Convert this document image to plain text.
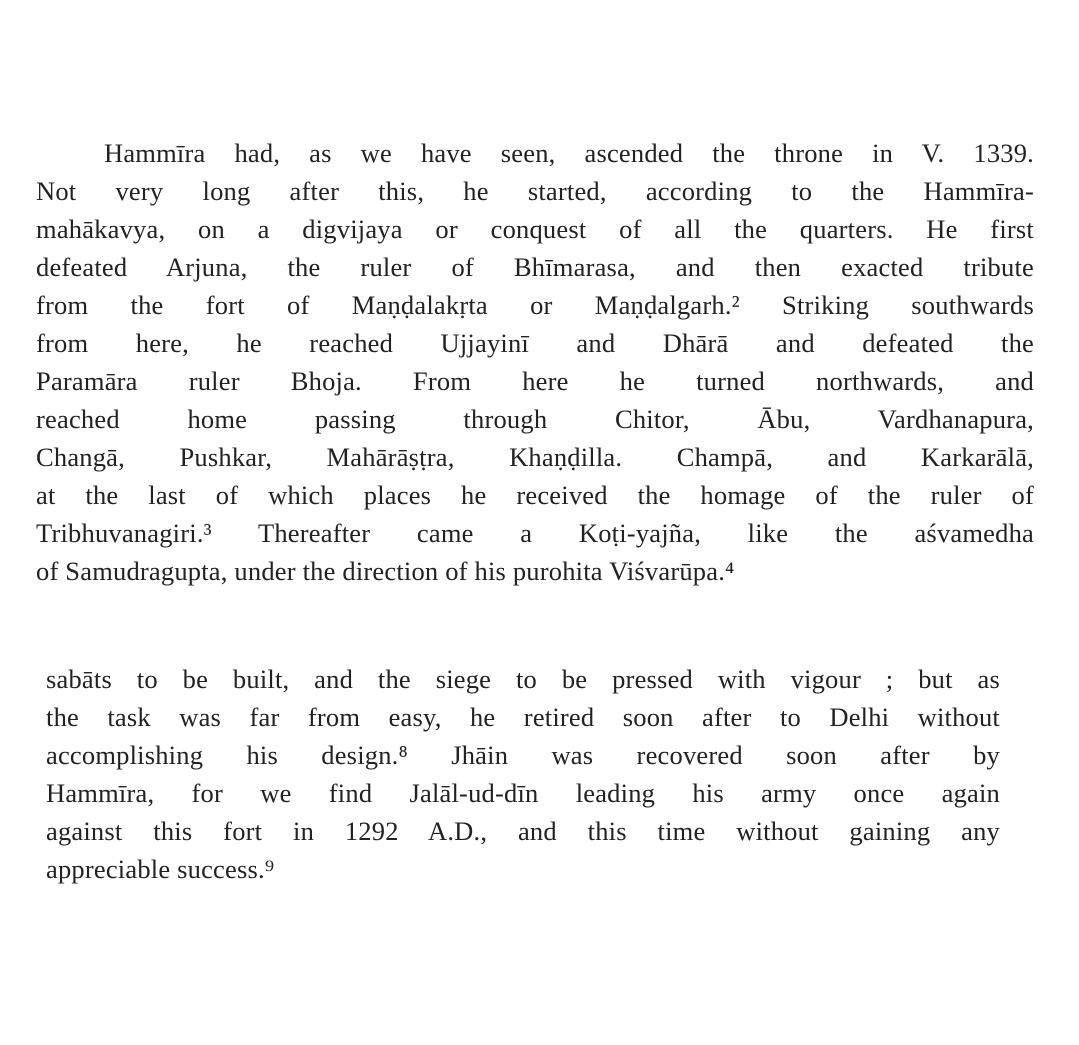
Hammīra had, as we have seen, ascended the throne in V. 1339.
Not very long after this, he started, according to the Hammīra-
mahākavya, on a digvijaya or conquest of all the quarters. He first
defeated Arjuna, the ruler of Bhīmarasa, and then exacted tribute
from the fort of Maṇḍalakṛta or Maṇḍalgarh.² Striking southwards
from here, he reached Ujjayinī and Dhārā and defeated the
Paramāra ruler Bhoja. From here he turned northwards, and
reached home passing through Chitor, Ābu, Vardhanapura,
Changā, Pushkar, Mahārāṣṭra, Khaṇḍilla. Champā, and Karkarālā,
at the last of which places he received the homage of the ruler of
Tribhuvanagiri.³ Thereafter came a Koṭi-yajña, like the aśvamedha
of Samudragupta, under the direction of his purohita Viśvarūpa.⁴
sabāts to be built, and the siege to be pressed with vigour ; but as
the task was far from easy, he retired soon after to Delhi without
accomplishing his design.⁸ Jhāin was recovered soon after by
Hammīra, for we find Jalāl-ud-dīn leading his army once again
against this fort in 1292 A.D., and this time without gaining any
appreciable success.⁹
